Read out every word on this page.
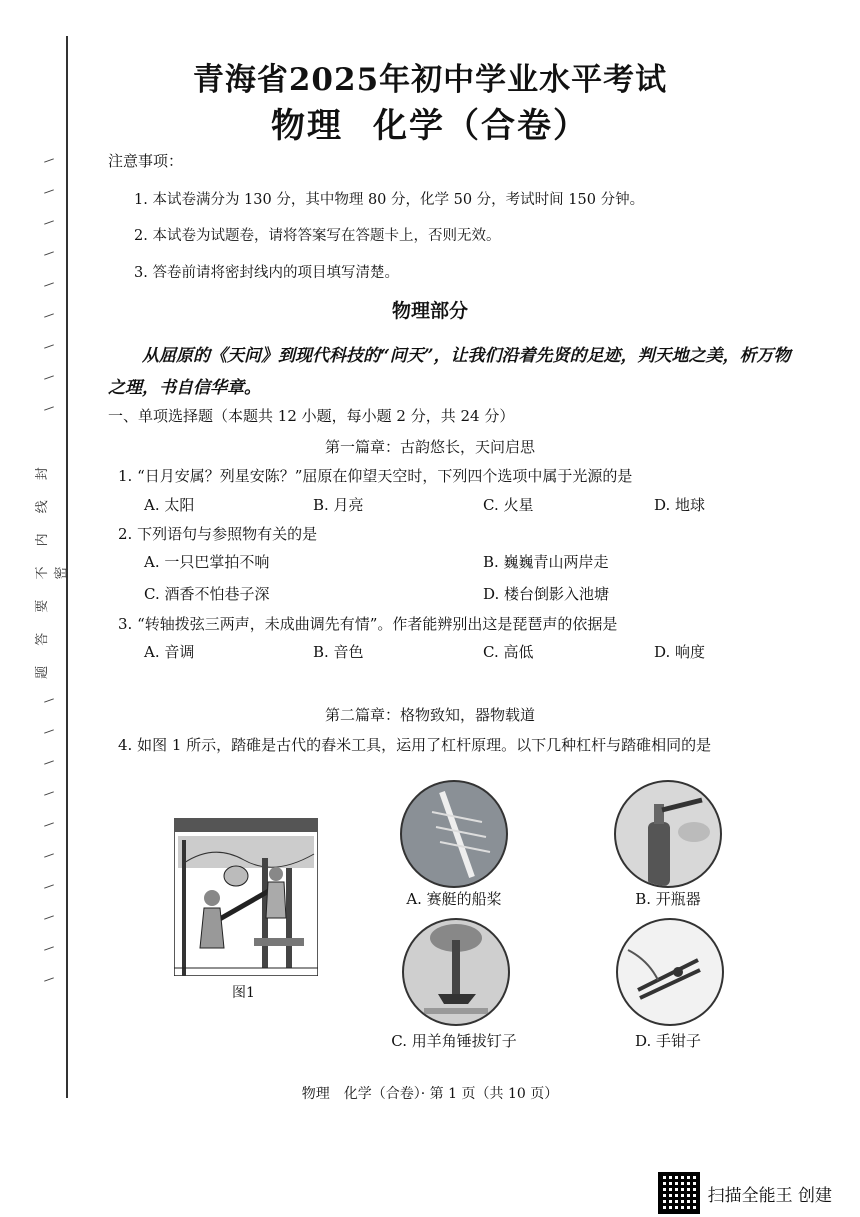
题 答 要 不 内 线 封 密
青海省2025年初中学业水平考试
物理 化学（合卷）
注意事项：
1. 本试卷满分为 130 分，其中物理 80 分，化学 50 分，考试时间 150 分钟。
2. 本试卷为试题卷，请将答案写在答题卡上，否则无效。
3. 答卷前请将密封线内的项目填写清楚。
物理部分
从屈原的《天问》到现代科技的“问天”，让我们沿着先贤的足迹，判天地之美，析万物之理，书自信华章。
一、单项选择题（本题共 12 小题，每小题 2 分，共 24 分）
第一篇章：古韵悠长，天问启思
1. “日月安属？列星安陈？”屈原在仰望天空时，下列四个选项中属于光源的是
A. 太阳	B. 月亮	C. 火星	D. 地球
2. 下列语句与参照物有关的是
A. 一只巴掌拍不响	B. 巍巍青山两岸走
C. 酒香不怕巷子深	D. 楼台倒影入池塘
3. “转轴拨弦三两声，未成曲调先有情”。作者能辨别出这是琵琶声的依据是
A. 音调	B. 音色	C. 高低	D. 响度
第二篇章：格物致知，器物载道
4. 如图 1 所示，踏碓是古代的舂米工具，运用了杠杆原理。以下几种杠杆与踏碓相同的是
图1
A. 赛艇的船桨	B. 开瓶器
C. 用羊角锤拔钉子	D. 手钳子
物理　化学（合卷）· 第 1 页（共 10 页）
扫描全能王 创建
